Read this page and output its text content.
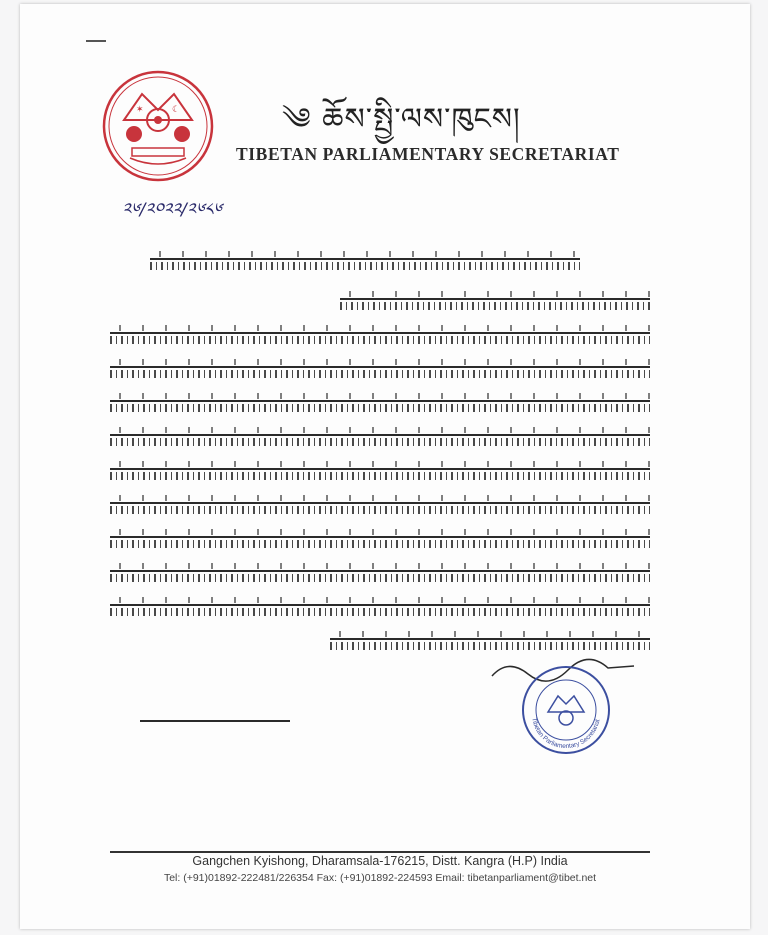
✶	☾	༄ ཆོས་སྤྱི་ལས་ཁུངས།
TIBETAN PARLIAMENTARY SECRETARIAT
༢༦/༢༠༢༢/༢༦༨༦
Tibetan Parliamentary Secretariat
Gangchen Kyishong, Dharamsala-176215, Distt. Kangra (H.P) India
Tel: (+91)01892-222481/226354 Fax: (+91)01892-224593 Email: tibetanparliament@tibet.net
